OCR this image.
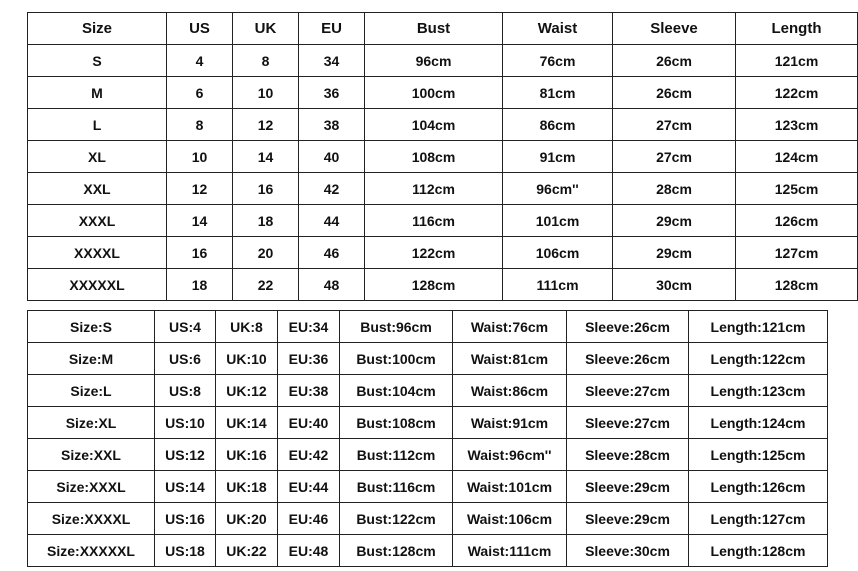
Size	US	UK	EU	Bust	Waist	Sleeve	Length
S	4	8	34	96cm	76cm	26cm	121cm
M	6	10	36	100cm	81cm	26cm	122cm
L	8	12	38	104cm	86cm	27cm	123cm
XL	10	14	40	108cm	91cm	27cm	124cm
XXL	12	16	42	112cm	96cm''	28cm	125cm
XXXL	14	18	44	116cm	101cm	29cm	126cm
XXXXL	16	20	46	122cm	106cm	29cm	127cm
XXXXXL	18	22	48	128cm	111cm	30cm	128cm
Size:S	US:4	UK:8	EU:34	Bust:96cm	Waist:76cm	Sleeve:26cm	Length:121cm
Size:M	US:6	UK:10	EU:36	Bust:100cm	Waist:81cm	Sleeve:26cm	Length:122cm
Size:L	US:8	UK:12	EU:38	Bust:104cm	Waist:86cm	Sleeve:27cm	Length:123cm
Size:XL	US:10	UK:14	EU:40	Bust:108cm	Waist:91cm	Sleeve:27cm	Length:124cm
Size:XXL	US:12	UK:16	EU:42	Bust:112cm	Waist:96cm''	Sleeve:28cm	Length:125cm
Size:XXXL	US:14	UK:18	EU:44	Bust:116cm	Waist:101cm	Sleeve:29cm	Length:126cm
Size:XXXXL	US:16	UK:20	EU:46	Bust:122cm	Waist:106cm	Sleeve:29cm	Length:127cm
Size:XXXXXL	US:18	UK:22	EU:48	Bust:128cm	Waist:111cm	Sleeve:30cm	Length:128cm
